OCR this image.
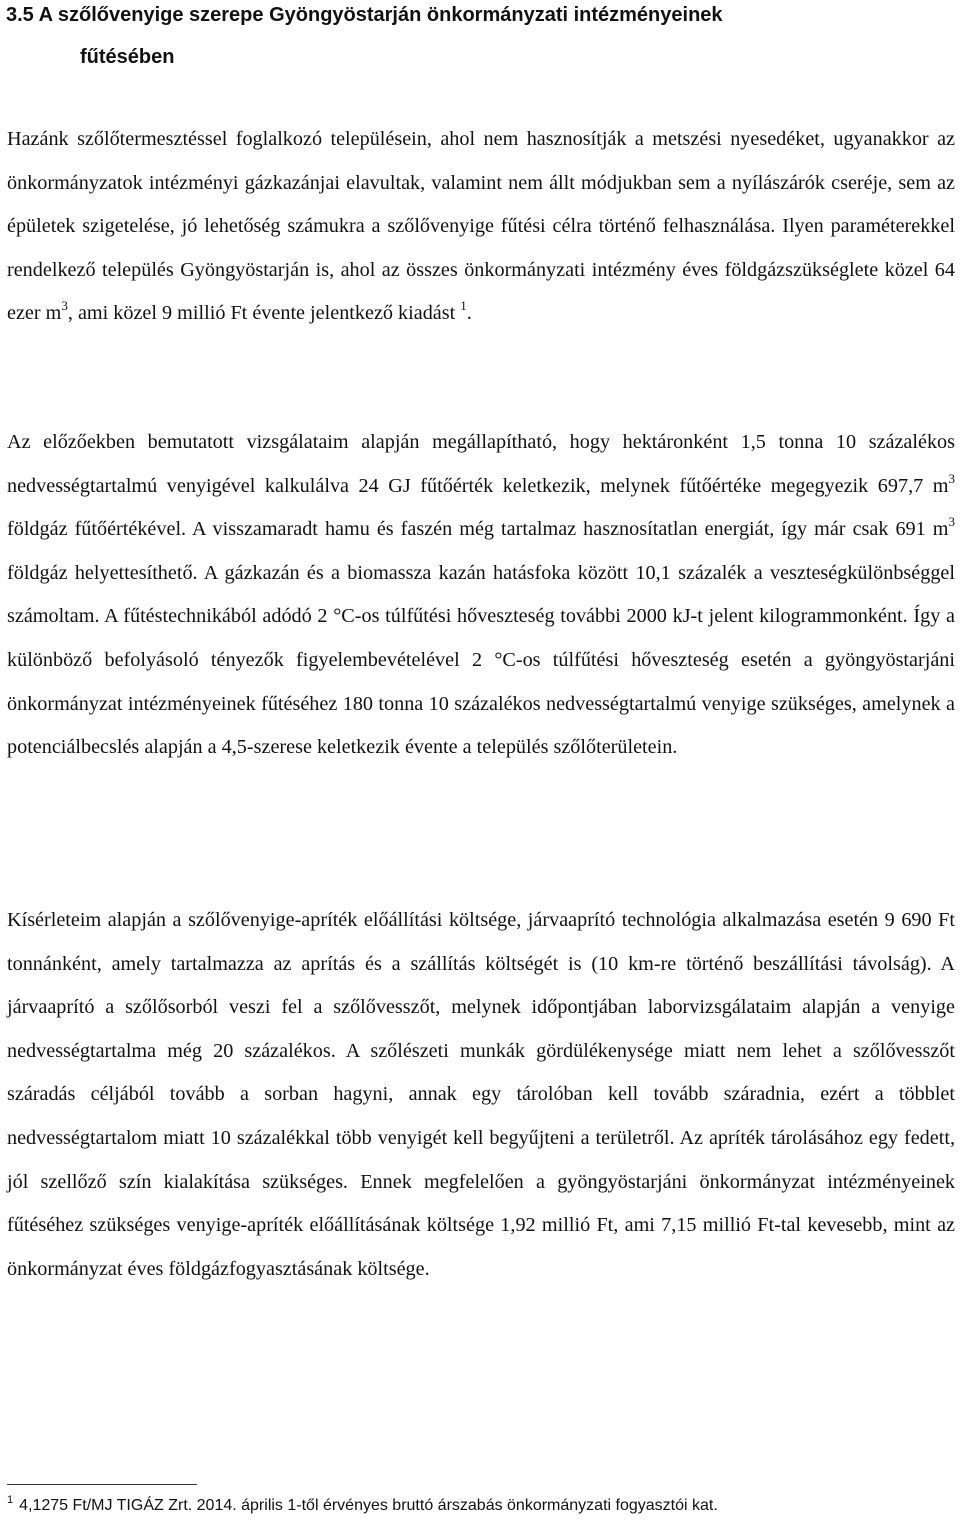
3.5 A szőlővenyige szerepe Gyöngyöstarján önkormányzati intézményeinek
fűtésében

Hazánk szőlőtermesztéssel foglalkozó településein, ahol nem hasznosítják a metszési nyesedéket, ugyanakkor az önkormányzatok intézményi gázkazánjai elavultak, valamint nem állt módjukban sem a nyílászárók cseréje, sem az épületek szigetelése, jó lehetőség számukra a szőlővenyige fűtési célra történő felhasználása. Ilyen paraméterekkel rendelkező település Gyöngyöstarján is, ahol az összes önkormányzati intézmény éves földgázszükséglete közel 64 ezer $m^3$, ami közel 9 millió Ft évente jelentkező kiadást $^1$.

Az előzőekben bemutatott vizsgálataim alapján megállapítható, hogy hektáronként 1,5 tonna 10 százalékos nedvességtartalmú venyigével kalkulálva 24 GJ fűtőérték keletkezik, melynek fűtőértéke megegyezik 697,7 $m^3$ földgáz fűtőértékével. A visszamaradt hamu és faszén még tartalmaz hasznosítatlan energiát, így már csak 691 $m^3$ földgáz helyettesíthető. A gázkazán és a biomassza kazán hatásfoka között 10,1 százalék a veszteségkülönbséggel számoltam. A fűtéstechnikából adódó 2 °C-os túlfűtési hőveszteség további 2000 kJ-t jelent kilogrammonként. Így a különböző befolyásoló tényezők figyelembevételével 2 °C-os túlfűtési hőveszteség esetén a gyöngyöstarjáni önkormányzat intézményeinek fűtéséhez 180 tonna 10 százalékos nedvességtartalmú venyige szükséges, amelynek a potenciálbecslés alapján a 4,5-szerese keletkezik évente a település szőlőterületein.

Kísérleteim alapján a szőlővenyige-apríték előállítási költsége, járvaaprító technológia alkalmazása esetén 9 690 Ft tonnánként, amely tartalmazza az aprítás és a szállítás költségét is (10 km-re történő beszállítási távolság). A járvaaprító a szőlősorból veszi fel a szőlővesszőt, melynek időpontjában laborvizsgálataim alapján a venyige nedvességtartalma még 20 százalékos. A szőlészeti munkák gördülékenysége miatt nem lehet a szőlővesszőt száradás céljából tovább a sorban hagyni, annak egy tárolóban kell tovább száradnia, ezért a többlet nedvességtartalom miatt 10 százalékkal több venyigét kell begyűjteni a területről. Az apríték tárolásához egy fedett, jól szellőző szín kialakítása szükséges. Ennek megfelelően a gyöngyöstarjáni önkormányzat intézményeinek fűtéséhez szükséges venyige-apríték előállításának költsége 1,92 millió Ft, ami 7,15 millió Ft-tal kevesebb, mint az önkormányzat éves földgázfogyasztásának költsége.

$^1$ 4,1275 Ft/MJ TIGÁZ Zrt. 2014. április 1-től érvényes bruttó árszabás önkormányzati fogyasztói kat.
